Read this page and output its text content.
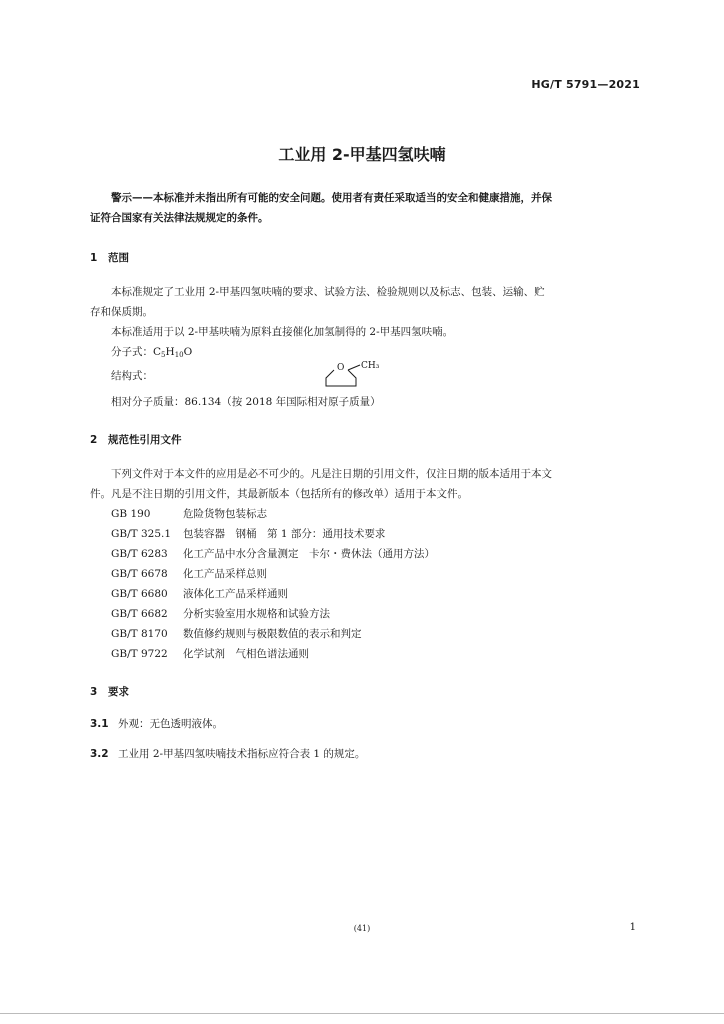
HG/T 5791—2021
工业用 2-甲基四氢呋喃
警示——本标准并未指出所有可能的安全问题。使用者有责任采取适当的安全和健康措施，并保
证符合国家有关法律法规规定的条件。
1 范围
本标准规定了工业用 2-甲基四氢呋喃的要求、试验方法、检验规则以及标志、包装、运输、贮
存和保质期。
本标准适用于以 2-甲基呋喃为原料直接催化加氢制得的 2-甲基四氢呋喃。
分子式：$C_5H_{10}O$
结构式：
O CH₃
相对分子质量：86.134（按 2018 年国际相对原子质量）
2 规范性引用文件
下列文件对于本文件的应用是必不可少的。凡是注日期的引用文件，仅注日期的版本适用于本文
件。凡是不注日期的引用文件，其最新版本（包括所有的修改单）适用于本文件。
GB 190	危险货物包装标志
GB/T 325.1 包装容器　钢桶　第 1 部分：通用技术要求
GB/T 6283 化工产品中水分含量测定　卡尔・费休法（通用方法）
GB/T 6678 化工产品采样总则
GB/T 6680 液体化工产品采样通则
GB/T 6682 分析实验室用水规格和试验方法
GB/T 8170 数值修约规则与极限数值的表示和判定
GB/T 9722 化学试剂　气相色谱法通则
3 要求
3.1 外观：无色透明液体。
3.2 工业用 2-甲基四氢呋喃技术指标应符合表 1 的规定。
(41)	1
